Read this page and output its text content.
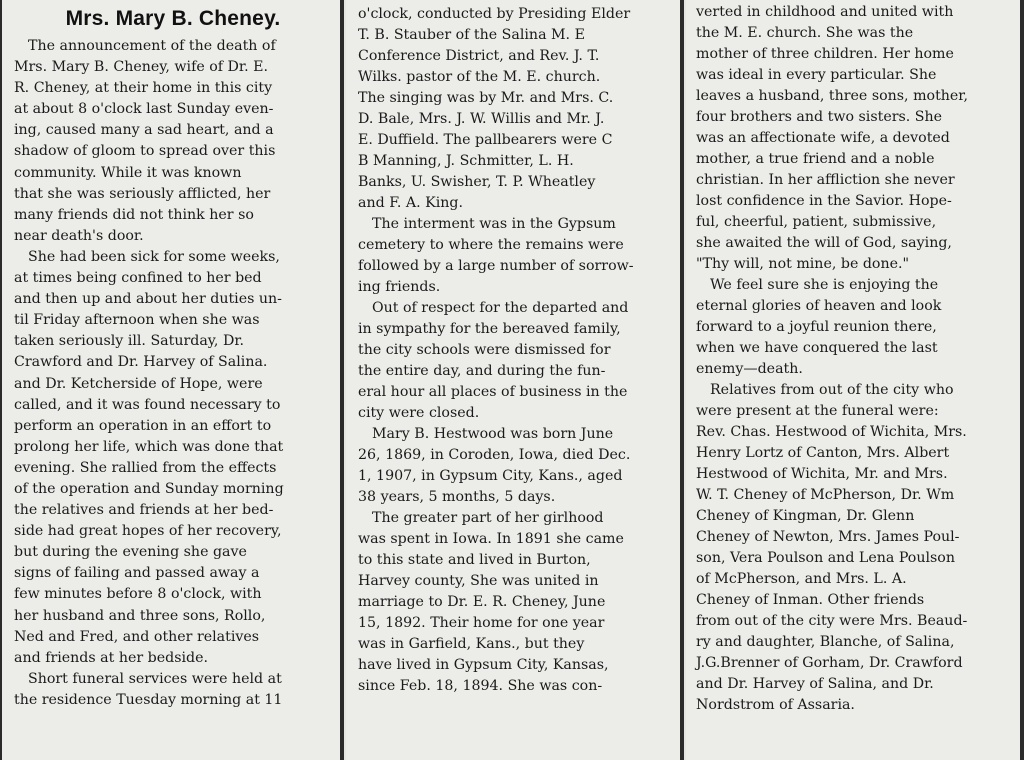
Mrs. Mary B. Cheney.

The announcement of the death of
Mrs. Mary B. Cheney, wife of Dr. E.
R. Cheney, at their home in this city
at about 8 o'clock last Sunday even-
ing, caused many a sad heart, and a
shadow of gloom to spread over this
community. While it was known
that she was seriously afflicted, her
many friends did not think her so
near death's door.

She had been sick for some weeks,
at times being confined to her bed
and then up and about her duties un-
til Friday afternoon when she was
taken seriously ill. Saturday, Dr.
Crawford and Dr. Harvey of Salina.
and Dr. Ketcherside of Hope, were
called, and it was found necessary to
perform an operation in an effort to
prolong her life, which was done that
evening. She rallied from the effects
of the operation and Sunday morning
the relatives and friends at her bed-
side had great hopes of her recovery,
but during the evening she gave
signs of failing and passed away a
few minutes before 8 o'clock, with
her husband and three sons, Rollo,
Ned and Fred, and other relatives
and friends at her bedside.

Short funeral services were held at
the residence Tuesday morning at 11

o'clock, conducted by Presiding Elder
T. B. Stauber of the Salina M. E
Conference District, and Rev. J. T.
Wilks. pastor of the M. E. church.
The singing was by Mr. and Mrs. C.
D. Bale, Mrs. J. W. Willis and Mr. J.
E. Duffield. The pallbearers were C
B Manning, J. Schmitter, L. H.
Banks, U. Swisher, T. P. Wheatley
and F. A. King.

The interment was in the Gypsum
cemetery to where the remains were
followed by a large number of sorrow-
ing friends.

Out of respect for the departed and
in sympathy for the bereaved family,
the city schools were dismissed for
the entire day, and during the fun-
eral hour all places of business in the
city were closed.

Mary B. Hestwood was born June
26, 1869, in Coroden, Iowa, died Dec.
1, 1907, in Gypsum City, Kans., aged
38 years, 5 months, 5 days.

The greater part of her girlhood
was spent in Iowa. In 1891 she came
to this state and lived in Burton,
Harvey county, She was united in
marriage to Dr. E. R. Cheney, June
15, 1892. Their home for one year
was in Garfield, Kans., but they
have lived in Gypsum City, Kansas,
since Feb. 18, 1894. She was con-

verted in childhood and united with
the M. E. church. She was the
mother of three children. Her home
was ideal in every particular. She
leaves a husband, three sons, mother,
four brothers and two sisters. She
was an affectionate wife, a devoted
mother, a true friend and a noble
christian. In her affliction she never
lost confidence in the Savior. Hope-
ful, cheerful, patient, submissive,
she awaited the will of God, saying,
"Thy will, not mine, be done."

We feel sure she is enjoying the
eternal glories of heaven and look
forward to a joyful reunion there,
when we have conquered the last
enemy—death.

Relatives from out of the city who
were present at the funeral were:
Rev. Chas. Hestwood of Wichita, Mrs.
Henry Lortz of Canton, Mrs. Albert
Hestwood of Wichita, Mr. and Mrs.
W. T. Cheney of McPherson, Dr. Wm
Cheney of Kingman, Dr. Glenn
Cheney of Newton, Mrs. James Poul-
son, Vera Poulson and Lena Poulson
of McPherson, and Mrs. L. A.
Cheney of Inman. Other friends
from out of the city were Mrs. Beaud-
ry and daughter, Blanche, of Salina,
J.G.Brenner of Gorham, Dr. Crawford
and Dr. Harvey of Salina, and Dr.
Nordstrom of Assaria.
